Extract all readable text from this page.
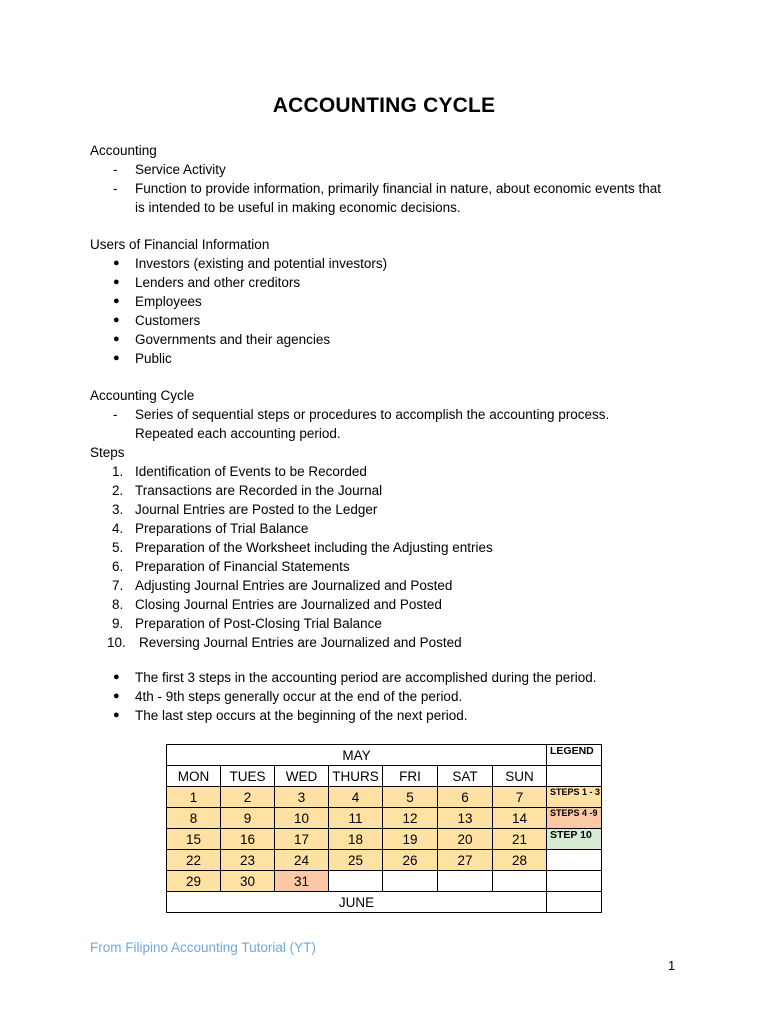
ACCOUNTING CYCLE
Accounting
-	Service Activity
-	Function to provide information, primarily financial in nature, about economic events that
is intended to be useful in making economic decisions.
Users of Financial Information
●	Investors (existing and potential investors)
●	Lenders and other creditors
●	Employees
●	Customers
●	Governments and their agencies
●	Public
Accounting Cycle
-	Series of sequential steps or procedures to accomplish the accounting process.
Repeated each accounting period.
Steps
1. Identification of Events to be Recorded
2. Transactions are Recorded in the Journal
3. Journal Entries are Posted to the Ledger
4. Preparations of Trial Balance
5. Preparation of the Worksheet including the Adjusting entries
6. Preparation of Financial Statements
7. Adjusting Journal Entries are Journalized and Posted
8. Closing Journal Entries are Journalized and Posted
9. Preparation of Post-Closing Trial Balance
10. Reversing Journal Entries are Journalized and Posted
●	The first 3 steps in the accounting period are accomplished during the period.
●	4th - 9th steps generally occur at the end of the period.
●	The last step occurs at the beginning of the next period.
MAY							LEGEND
MON	TUES	WED	THURS	FRI	SAT	SUN	
1	2	3	4	5	6	7	STEPS 1 - 3
8	9	10	11	12	13	14	STEPS 4 -9
15	16	17	18	19	20	21	STEP 10
22	23	24	25	26	27	28	
29	30	31					
JUNE							
From Filipino Accounting Tutorial (YT)
1
